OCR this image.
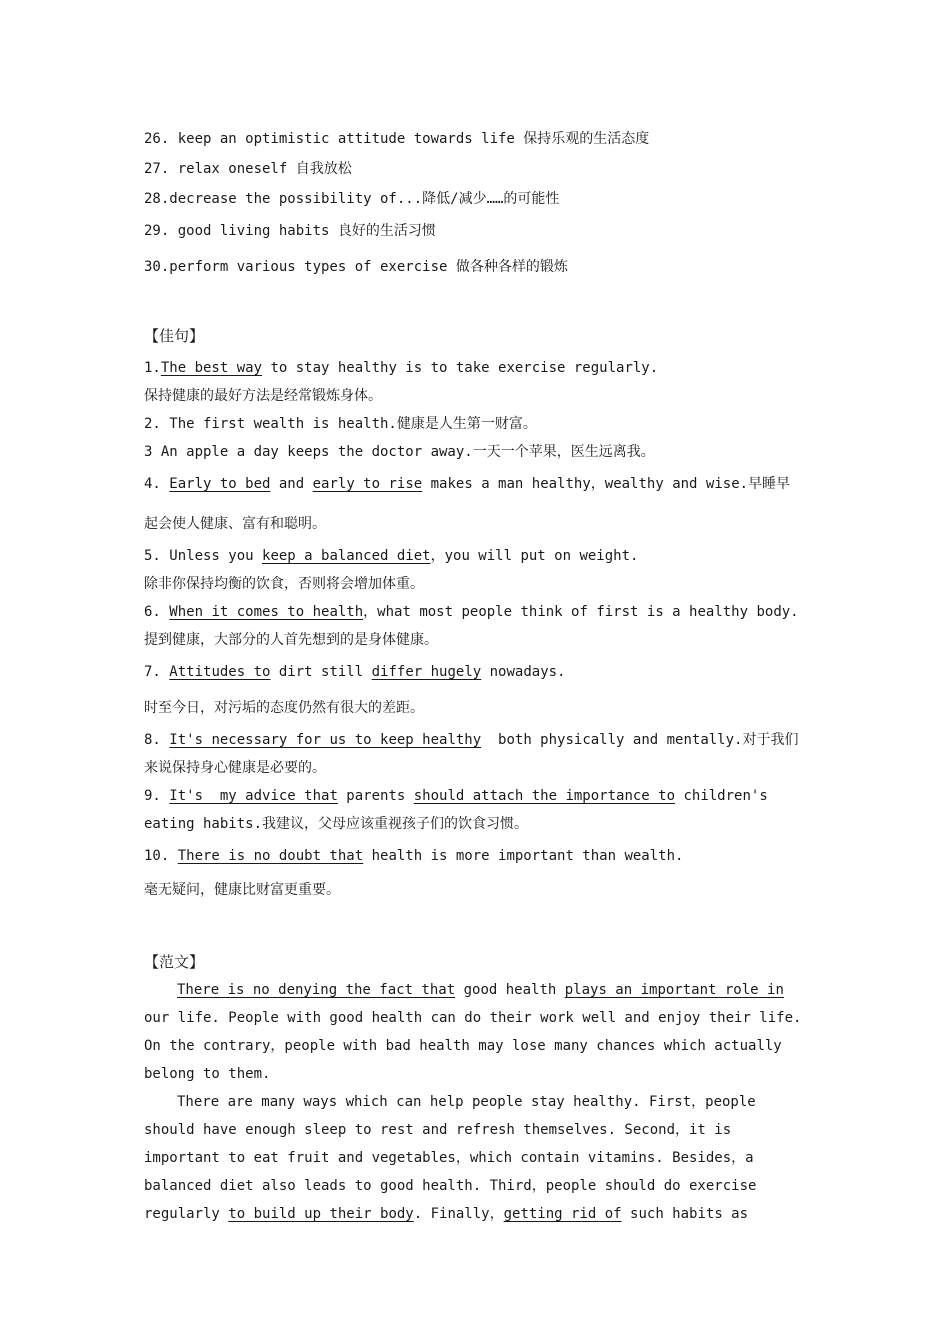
26. keep an optimistic attitude towards life 保持乐观的生活态度

27. relax oneself 自我放松

28.decrease the possibility of...降低/减少……的可能性

29. good living habits 良好的生活习惯

30.perform various types of exercise 做各种各样的锻炼

【佳句】

1.The best way to stay healthy is to take exercise regularly.

保持健康的最好方法是经常锻炼身体。

2. The first wealth is health.健康是人生第一财富。

3 An apple a day keeps the doctor away.一天一个苹果，医生远离我。

4. Early to bed and early to rise makes a man healthy，wealthy and wise.早睡早

起会使人健康、富有和聪明。

5. Unless you keep a balanced diet，you will put on weight.

除非你保持均衡的饮食，否则将会增加体重。

6. When it comes to health，what most people think of first is a healthy body.

提到健康，大部分的人首先想到的是身体健康。

7. Attitudes to dirt still differ hugely nowadays.

时至今日，对污垢的态度仍然有很大的差距。

8. It's necessary for us to keep healthy  both physically and mentally.对于我们

来说保持身心健康是必要的。

9. It's  my advice that parents should attach the importance to children's

eating habits.我建议，父母应该重视孩子们的饮食习惯。

10. There is no doubt that health is more important than wealth.

毫无疑问，健康比财富更重要。

【范文】

There is no denying the fact that good health plays an important role in

our life. People with good health can do their work well and enjoy their life.

On the contrary，people with bad health may lose many chances which actually

belong to them.

There are many ways which can help people stay healthy. First，people

should have enough sleep to rest and refresh themselves. Second，it is

important to eat fruit and vegetables，which contain vitamins. Besides，a

balanced diet also leads to good health. Third，people should do exercise

regularly to build up their body. Finally，getting rid of such habits as
